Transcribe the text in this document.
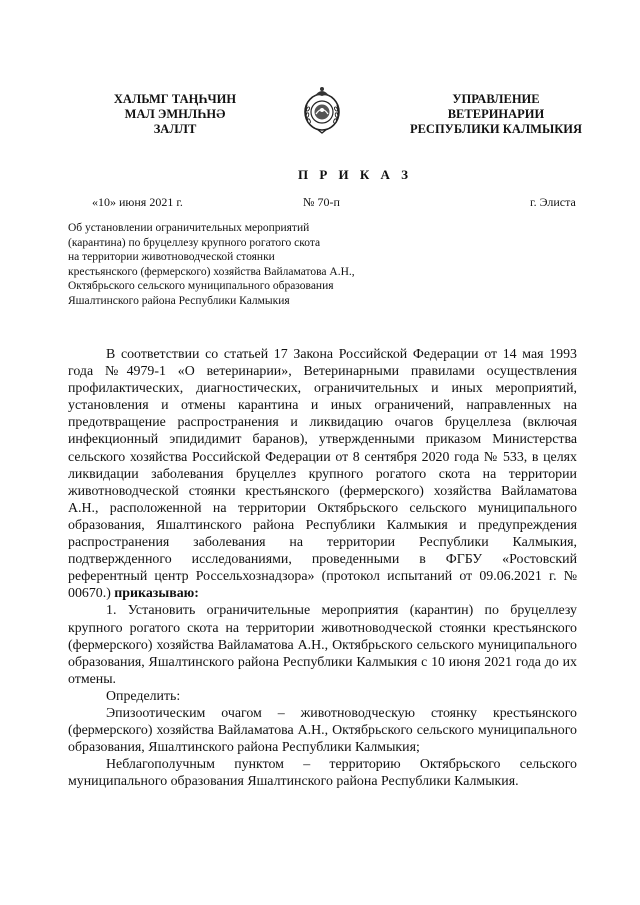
ХАЛЬМГ ТАҢҺЧИН
МАЛ ЭМНЛҺНӘ
ЗАЛЛТ
УПРАВЛЕНИЕ
ВЕТЕРИНАРИИ
РЕСПУБЛИКИ КАЛМЫКИЯ
П Р И К А З
«10» июня 2021 г.	№ 70-п	г. Элиста
Об установлении ограничительных мероприятий
(карантина) по бруцеллезу крупного рогатого скота
на территории животноводческой стоянки
крестьянского (фермерского) хозяйства Вайламатова А.Н.,
Октябрьского сельского муниципального образования
Яшалтинского района Республики Калмыкия

В соответствии со статьей 17 Закона Российской Федерации от 14 мая 1993 года №4979-1 «О ветеринарии», Ветеринарными правилами осуществления профилактических, диагностических, ограничительных и иных мероприятий, установления и отмены карантина и иных ограничений, направленных на предотвращение распространения и ликвидацию очагов бруцеллеза (включая инфекционный эпидидимит баранов), утвержденными приказом Министерства сельского хозяйства Российской Федерации от 8 сентября 2020 года № 533, в целях ликвидации заболевания бруцеллез крупного рогатого скота на территории животноводческой стоянки крестьянского (фермерского) хозяйства Вайламатова А.Н., расположенной на территории Октябрьского сельского муниципального образования, Яшалтинского района Республики Калмыкия и предупреждения распространения заболевания на территории Республики Калмыкия, подтвержденного исследованиями, проведенными в ФГБУ «Ростовский референтный центр Россельхознадзора» (протокол испытаний от 09.06.2021 г. № 00670.) приказываю:

1. Установить ограничительные мероприятия (карантин) по бруцеллезу крупного рогатого скота на территории животноводческой стоянки крестьянского (фермерского) хозяйства Вайламатова А.Н., Октябрьского сельского муниципального образования, Яшалтинского района Республики Калмыкия с 10 июня 2021 года до их отмены.

Определить:

Эпизоотическим очагом – животноводческую стоянку крестьянского (фермерского) хозяйства Вайламатова А.Н., Октябрьского сельского муниципального образования, Яшалтинского района Республики Калмыкия;

Неблагополучным пунктом – территорию Октябрьского сельского муниципального образования Яшалтинского района Республики Калмыкия.
